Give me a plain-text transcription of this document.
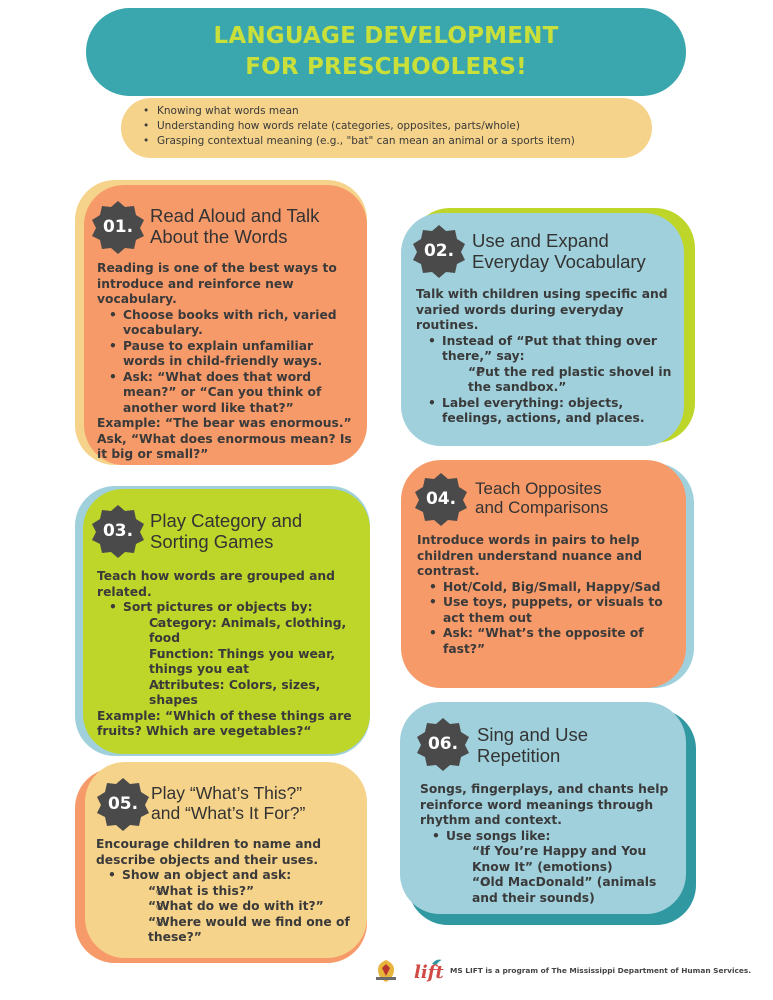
LANGUAGE DEVELOPMENT
FOR PRESCHOOLERS!
• Knowing what words mean
• Understanding how words relate (categories, opposites, parts/whole)
• Grasping contextual meaning (e.g., "bat" can mean an animal or a sports item)
01.
Read Aloud and Talk
About the Words

Reading is one of the best ways to introduce and reinforce new vocabulary.

• Choose books with rich, varied vocabulary.
• Pause to explain unfamiliar words in child-friendly ways.
• Ask: “What does that word mean?” or “Can you think of another word like that?”

Example: “The bear was enormous.” Ask, “What does enormous mean? Is it big or small?”

02. Use and Expand
Everyday Vocabulary

Talk with children using specific and varied words during everyday routines.

• Instead of “Put that thing over there,” say:
○ “Put the red plastic shovel in the sandbox.”
• Label everything: objects, feelings, actions, and places.
03. Play Category and
Sorting Games

Teach how words are grouped and related.

• Sort pictures or objects by:
○ Category: Animals, clothing, food
○ Function: Things you wear, things you eat
○ Attributes: Colors, sizes, shapes

Example: “Which of these things are fruits? Which are vegetables?“

04.
Teach Opposites
and Comparisons

Introduce words in pairs to help children understand nuance and contrast.

• Hot/Cold, Big/Small, Happy/Sad
• Use toys, puppets, or visuals to act them out
• Ask: “What’s the opposite of fast?”
05.
Play “What’s This?”
and “What’s It For?”

Encourage children to name and describe objects and their uses.

• Show an object and ask:
○ “What is this?”
○ “What do we do with it?”
○ “Where would we find one of these?”
06. Sing and Use
Repetition

Songs, fingerplays, and chants help reinforce word meanings through rhythm and context.

• Use songs like:
○ “If You’re Happy and You Know It” (emotions)
○ “Old MacDonald” (animals and their sounds)
lift MS LIFT is a program of The Mississippi Department of Human Services.
